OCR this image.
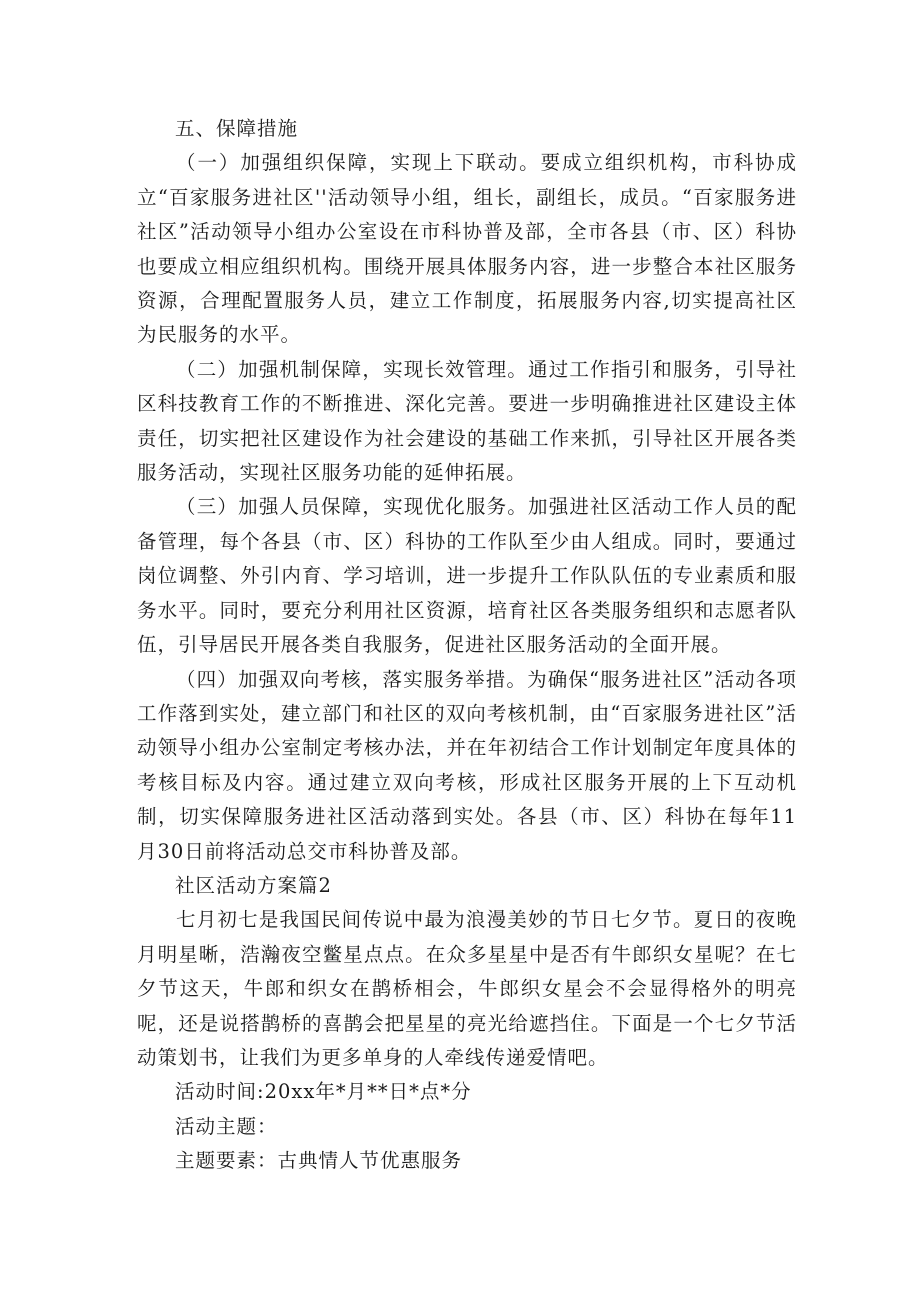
五、保障措施

（一）加强组织保障，实现上下联动。要成立组织机构，市科协成立“百家服务进社区''活动领导小组，组长，副组长，成员。“百家服务进社区”活动领导小组办公室设在市科协普及部，全市各县（市、区）科协也要成立相应组织机构。围绕开展具体服务内容，进一步整合本社区服务资源，合理配置服务人员，建立工作制度，拓展服务内容,切实提高社区为民服务的水平。

（二）加强机制保障，实现长效管理。通过工作指引和服务，引导社区科技教育工作的不断推进、深化完善。要进一步明确推进社区建设主体责任，切实把社区建设作为社会建设的基础工作来抓，引导社区开展各类服务活动，实现社区服务功能的延伸拓展。

（三）加强人员保障，实现优化服务。加强进社区活动工作人员的配备管理，每个各县（市、区）科协的工作队至少由人组成。同时，要通过岗位调整、外引内育、学习培训，进一步提升工作队队伍的专业素质和服务水平。同时，要充分利用社区资源，培育社区各类服务组织和志愿者队伍，引导居民开展各类自我服务，促进社区服务活动的全面开展。

（四）加强双向考核，落实服务举措。为确保“服务进社区”活动各项工作落到实处，建立部门和社区的双向考核机制，由“百家服务进社区”活动领导小组办公室制定考核办法，并在年初结合工作计划制定年度具体的考核目标及内容。通过建立双向考核，形成社区服务开展的上下互动机制，切实保障服务进社区活动落到实处。各县（市、区）科协在每年11月30日前将活动总交市科协普及部。

社区活动方案篇2

七月初七是我国民间传说中最为浪漫美妙的节日七夕节。夏日的夜晚月明星晰，浩瀚夜空鳖星点点。在众多星星中是否有牛郎织女星呢？在七夕节这天，牛郎和织女在鹊桥相会，牛郎织女星会不会显得格外的明亮呢，还是说搭鹊桥的喜鹊会把星星的亮光给遮挡住。下面是一个七夕节活动策划书，让我们为更多单身的人牵线传递爱情吧。

活动时间:20xx年*月**日*点*分

活动主题：

主题要素：古典情人节优惠服务
